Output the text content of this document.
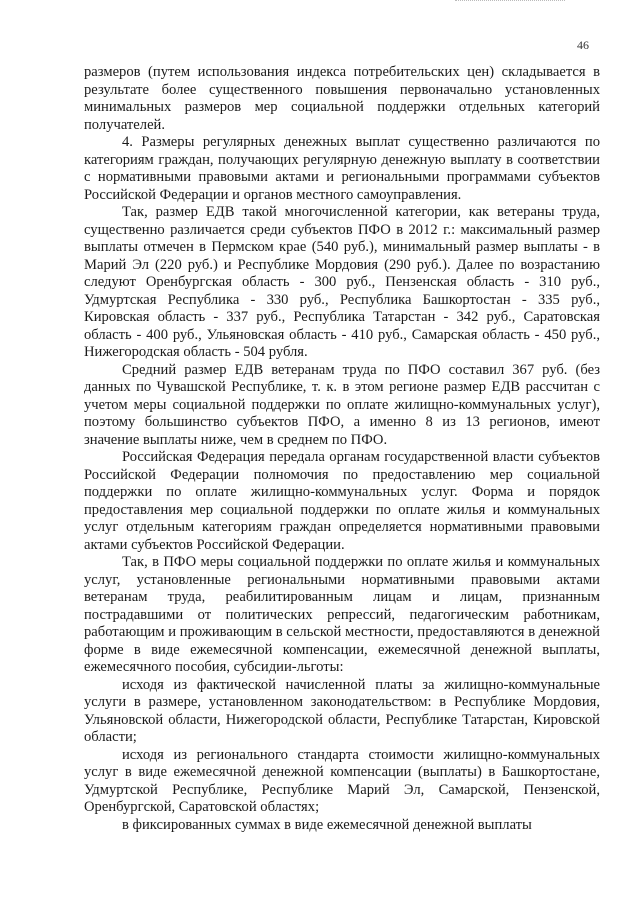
46

размеров (путем использования индекса потребительских цен) складывается в результате более существенного повышения первоначально установленных минимальных размеров мер социальной поддержки отдельных категорий получателей.

4. Размеры регулярных денежных выплат существенно различаются по категориям граждан, получающих регулярную денежную выплату в соответствии с нормативными правовыми актами и региональными программами субъектов Российской Федерации и органов местного самоуправления.

Так, размер ЕДВ такой многочисленной категории, как ветераны труда, существенно различается среди субъектов ПФО в 2012 г.: максимальный размер выплаты отмечен в Пермском крае (540 руб.), минимальный размер выплаты - в Марий Эл (220 руб.) и Республике Мордовия (290 руб.). Далее по возрастанию следуют Оренбургская область - 300 руб., Пензенская область - 310 руб., Удмуртская Республика - 330 руб., Республика Башкортостан - 335 руб., Кировская область - 337 руб., Республика Татарстан - 342 руб., Саратовская область - 400 руб., Ульяновская область - 410 руб., Самарская область - 450 руб., Нижегородская область - 504 рубля.

Средний размер ЕДВ ветеранам труда по ПФО составил 367 руб. (без данных по Чувашской Республике, т. к. в этом регионе размер ЕДВ рассчитан с учетом меры социальной поддержки по оплате жилищно-коммунальных услуг), поэтому большинство субъектов ПФО, а именно 8 из 13 регионов, имеют значение выплаты ниже, чем в среднем по ПФО.

Российская Федерация передала органам государственной власти субъектов Российской Федерации полномочия по предоставлению мер социальной поддержки по оплате жилищно-коммунальных услуг. Форма и порядок предоставления мер социальной поддержки по оплате жилья и коммунальных услуг отдельным категориям граждан определяется нормативными правовыми актами субъектов Российской Федерации.

Так, в ПФО меры социальной поддержки по оплате жилья и коммунальных услуг, установленные региональными нормативными правовыми актами ветеранам труда, реабилитированным лицам и лицам, признанным пострадавшими от политических репрессий, педагогическим работникам, работающим и проживающим в сельской местности, предоставляются в денежной форме в виде ежемесячной компенсации, ежемесячной денежной выплаты, ежемесячного пособия, субсидии-льготы:

исходя из фактической начисленной платы за жилищно-коммунальные услуги в размере, установленном законодательством: в Республике Мордовия, Ульяновской области, Нижегородской области, Республике Татарстан, Кировской области;

исходя из регионального стандарта стоимости жилищно-коммунальных услуг в виде ежемесячной денежной компенсации (выплаты) в Башкортостане, Удмуртской Республике, Республике Марий Эл, Самарской, Пензенской, Оренбургской, Саратовской областях;

в фиксированных суммах в виде ежемесячной денежной выплаты
